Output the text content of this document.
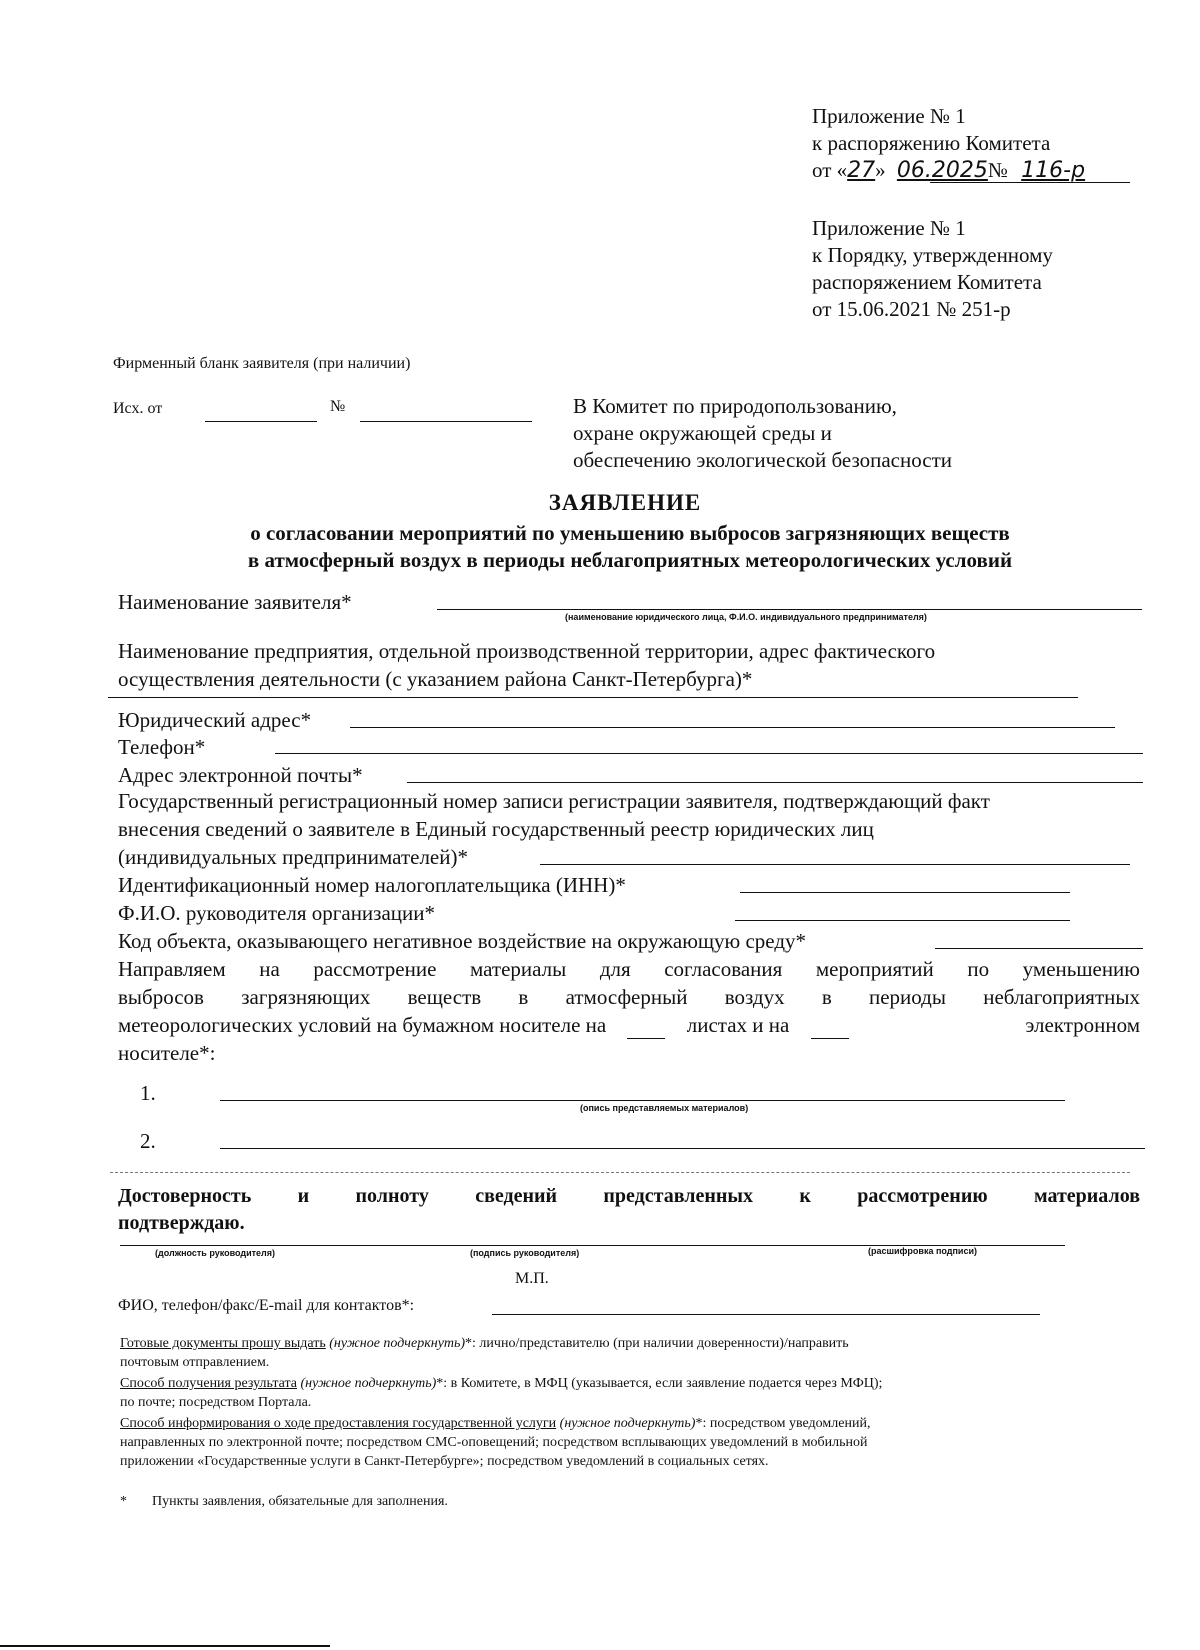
Приложение № 1
к распоряжению Комитета
от «27» 06.2025№ 116-р
Приложение № 1
к Порядку, утвержденному
распоряжением Комитета
от 15.06.2021 № 251-р
Фирменный бланк заявителя (при наличии)
Исх. от	№	В Комитет по природопользованию,
охране окружающей среды и
обеспечению экологической безопасности
ЗАЯВЛЕНИЕ
о согласовании мероприятий по уменьшению выбросов загрязняющих веществ
в атмосферный воздух в периоды неблагоприятных метеорологических условий
Наименование заявителя*
(наименование юридического лица, Ф.И.О. индивидуального предпринимателя)
Наименование предприятия, отдельной производственной территории, адрес фактического
осуществления деятельности (с указанием района Санкт-Петербурга)*
Юридический адрес*
Телефон*
Адрес электронной почты*
Государственный регистрационный номер записи регистрации заявителя, подтверждающий факт
внесения сведений о заявителе в Единый государственный реестр юридических лиц
(индивидуальных предпринимателей)*
Идентификационный номер налогоплательщика (ИНН)*
Ф.И.О. руководителя организации*
Код объекта, оказывающего негативное воздействие на окружающую среду*
Направляем на рассмотрение материалы для согласования мероприятий по уменьшению
выбросов загрязняющих веществ в атмосферный воздух в периоды неблагоприятных
метеорологических условий на бумажном носителе на	листах и на	электронном
носителе*:
1.
(опись представляемых материалов)
2.
Достоверность и полноту сведений представленных к рассмотрению материалов
подтверждаю.
(должность руководителя)	(подпись руководителя)	(расшифровка подписи)
М.П.
ФИО, телефон/факс/E-mail для контактов*:
Готовые документы прошу выдать (нужное подчеркнуть)*: лично/представителю (при наличии доверенности)/направить
почтовым отправлением.
Способ получения результата (нужное подчеркнуть)*: в Комитете, в МФЦ (указывается, если заявление подается через МФЦ);
по почте; посредством Портала.
Способ информирования о ходе предоставления государственной услуги (нужное подчеркнуть)*: посредством уведомлений,
направленных по электронной почте; посредством СМС-оповещений; посредством всплывающих уведомлений в мобильной
приложении «Государственные услуги в Санкт-Петербурге»; посредством уведомлений в социальных сетях.
* Пункты заявления, обязательные для заполнения.
